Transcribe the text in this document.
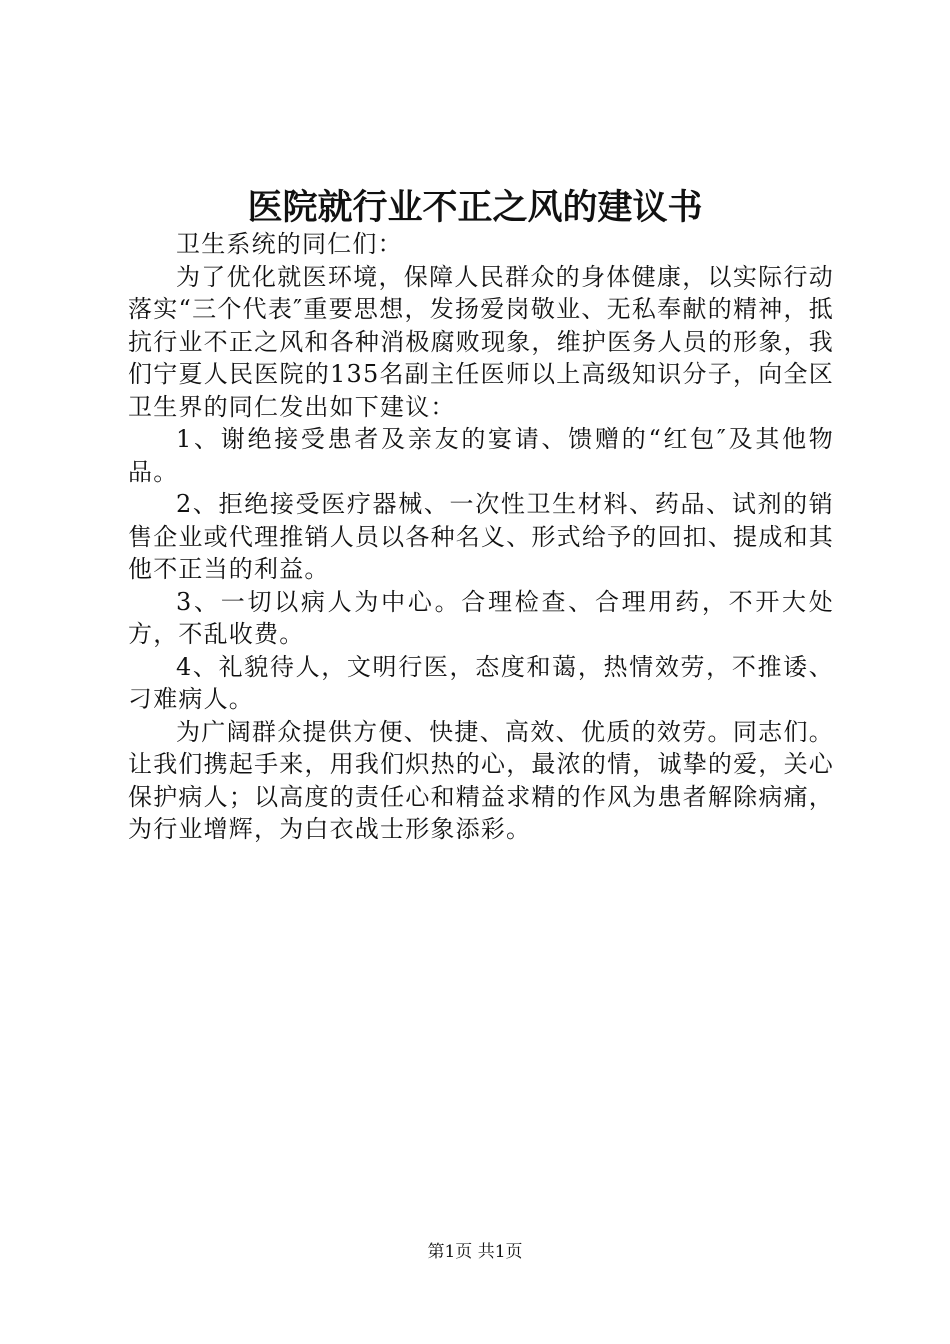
医院就行业不正之风的建议书

卫生系统的同仁们：

为了优化就医环境，保障人民群众的身体健康，以实际行动落实“三个代表″重要思想，发扬爱岗敬业、无私奉献的精神，抵抗行业不正之风和各种消极腐败现象，维护医务人员的形象，我们宁夏人民医院的135名副主任医师以上高级知识分子，向全区卫生界的同仁发出如下建议：

1、谢绝接受患者及亲友的宴请、馈赠的“红包″及其他物品。

2、拒绝接受医疗器械、一次性卫生材料、药品、试剂的销售企业或代理推销人员以各种名义、形式给予的回扣、提成和其他不正当的利益。

3、一切以病人为中心。合理检查、合理用药，不开大处方，不乱收费。

4、礼貌待人，文明行医，态度和蔼，热情效劳，不推诿、刁难病人。

为广阔群众提供方便、快捷、高效、优质的效劳。同志们。让我们携起手来，用我们炽热的心，最浓的情，诚挚的爱，关心保护病人；以高度的责任心和精益求精的作风为患者解除病痛，为行业增辉，为白衣战士形象添彩。

第1页 共1页
